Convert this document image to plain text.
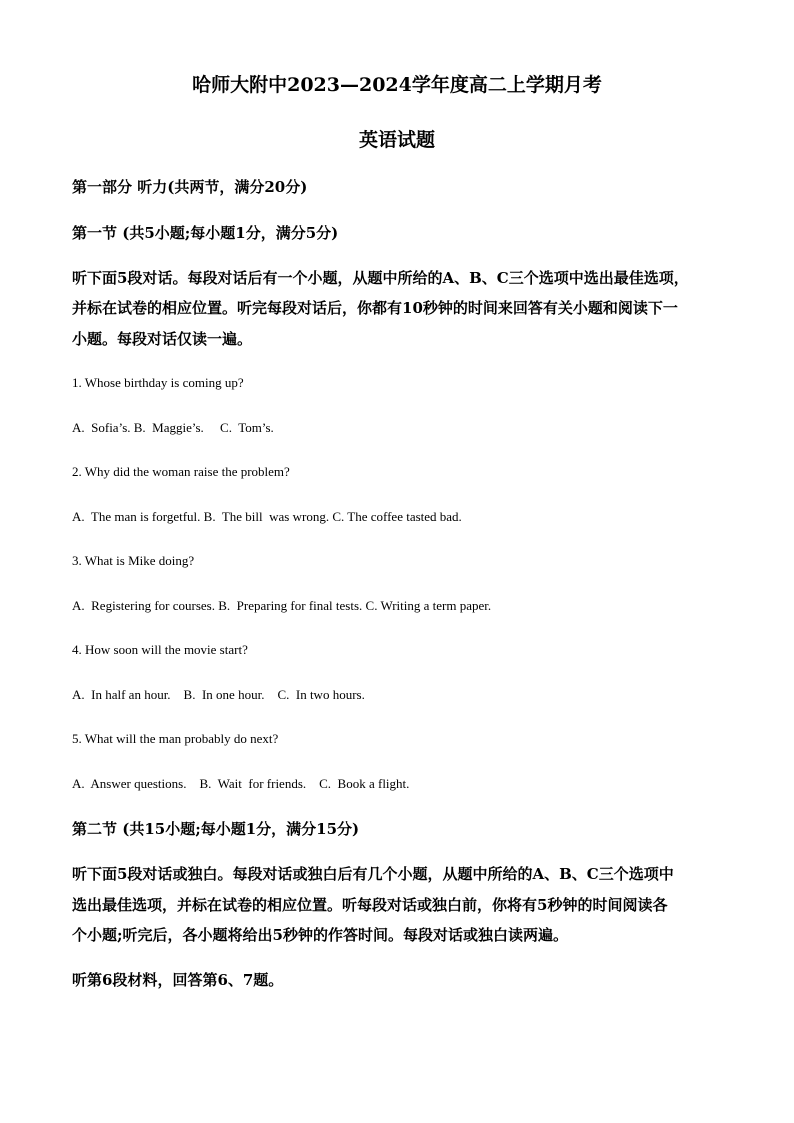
哈师大附中2023—2024学年度高二上学期月考
英语试题
第一部分 听力(共两节，满分20分)
第一节 (共5小题;每小题1分，满分5分)
听下面5段对话。每段对话后有一个小题，从题中所给的A、B、C三个选项中选出最佳选项，
并标在试卷的相应位置。听完每段对话后，你都有10秒钟的时间来回答有关小题和阅读下一
小题。每段对话仅读一遍。
1. Whose birthday is coming up?
A.  Sofia’s. B.  Maggie’s.     C.  Tom’s.
2. Why did the woman raise the problem?
A.  The man is forgetful. B.  The bill  was wrong. C. The coffee tasted bad.
3. What is Mike doing?
A.  Registering for courses. B.  Preparing for final tests. C. Writing a term paper.
4. How soon will the movie start?
A.  In half an hour.    B.  In one hour.    C.  In two hours.
5. What will the man probably do next?
A.  Answer questions.    B.  Wait  for friends.    C.  Book a flight.
第二节 (共15小题;每小题1分，满分15分)
听下面5段对话或独白。每段对话或独白后有几个小题，从题中所给的A、B、C三个选项中
选出最佳选项，并标在试卷的相应位置。听每段对话或独白前，你将有5秒钟的时间阅读各
个小题;听完后，各小题将给出5秒钟的作答时间。每段对话或独白读两遍。
听第6段材料，回答第6、7题。
